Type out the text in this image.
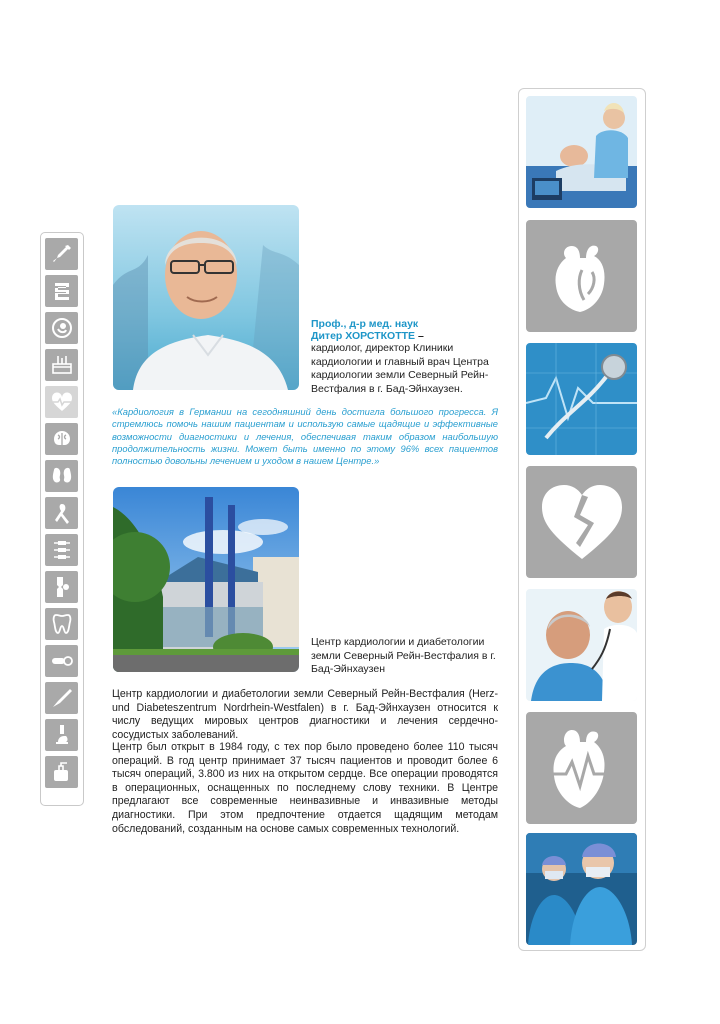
Проф., д-р мед. наук
Дитер ХОРСТКОТТЕ –
кардиолог, директор Клиники кардиологии и главный врач Центра кардиологии земли Северный Рейн-Вестфалия в г. Бад-Эйнхаузен.
«Кардиология в Германии на сегодняшний день достигла большого прогресса. Я стремлюсь помочь нашим пациентам и использую самые щадящие и эффективные возможности диагностики и лечения, обеспечивая таким образом наибольшую продолжительность жизни. Может быть именно по этому 96% всех пациентов полностью довольны лечением и уходом в нашем Центре.»
Центр кардиологии и диабетологии земли Северный Рейн-Вестфалия в г. Бад-Эйнхаузен
Центр кардиологии и диабетологии земли Северный Рейн-Вестфалия (Herz- und Diabeteszentrum Nordrhein-Westfalen) в г. Бад-Эйнхаузен относится к числу ведущих мировых центров диагностики и лечения сердечно-сосудистых заболеваний.
Центр был открыт в 1984 году, с тех пор было проведено более 110 тысяч операций. В год центр принимает 37 тысяч пациентов и проводит более 6 тысяч операций, 3.800 из них на открытом сердце. Все операции проводятся в операционных, оснащенных по последнему слову техники. В Центре предлагают все современные неинвазивные и инвазивные методы диагностики. При этом предпочтение отдается щадящим методам обследований, созданным на основе самых современных технологий.
